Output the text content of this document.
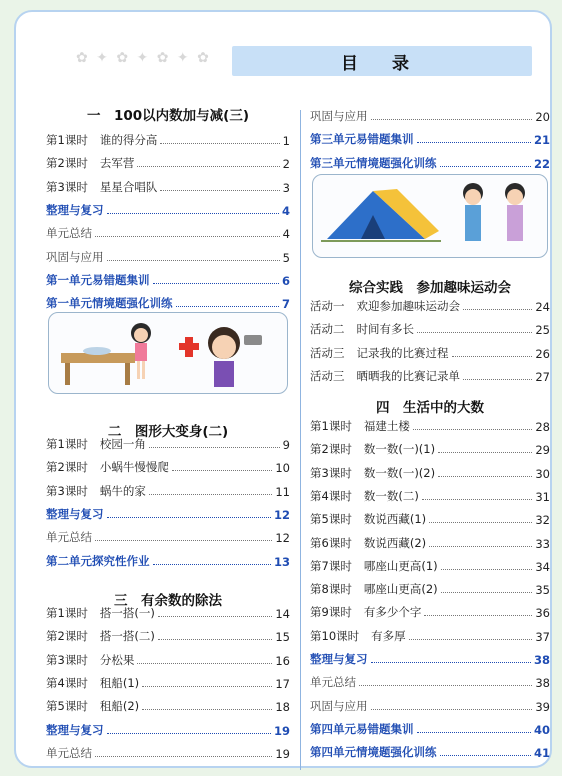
✿ ✦ ✿ ✦ ✿ ✦ ✿	目 录
一　100以内数加与减(三)
第1课时 谁的得分高	1
第2课时 去军营	2
第3课时 星星合唱队	3
整理与复习	4
单元总结	4
巩固与应用	5
第一单元易错题集训	6
第一单元情境题强化训练	7
二　图形大变身(二)
第1课时 校园一角	9
第2课时 小蜗牛慢慢爬	10
第3课时 蜗牛的家	11
整理与复习	12
单元总结	12
第二单元探究性作业	13
三　有余数的除法
第1课时 搭一搭(一)	14
第2课时 搭一搭(二)	15
第3课时 分松果	16
第4课时 租船(1)	17
第5课时 租船(2)	18
整理与复习	19
单元总结	19
巩固与应用	20
第三单元易错题集训	21
第三单元情境题强化训练	22
综合实践　参加趣味运动会
活动一 欢迎参加趣味运动会	24
活动二 时间有多长	25
活动三 记录我的比赛过程	26
活动三 晒晒我的比赛记录单	27
四　生活中的大数
第1课时 福建土楼	28
第2课时 数一数(一)(1)	29
第3课时 数一数(一)(2)	30
第4课时 数一数(二)	31
第5课时 数说西藏(1)	32
第6课时 数说西藏(2)	33
第7课时 哪座山更高(1)	34
第8课时 哪座山更高(2)	35
第9课时 有多少个字	36
第10课时 有多厚	37
整理与复习	38
单元总结	38
巩固与应用	39
第四单元易错题集训	40
第四单元情境题强化训练	41
